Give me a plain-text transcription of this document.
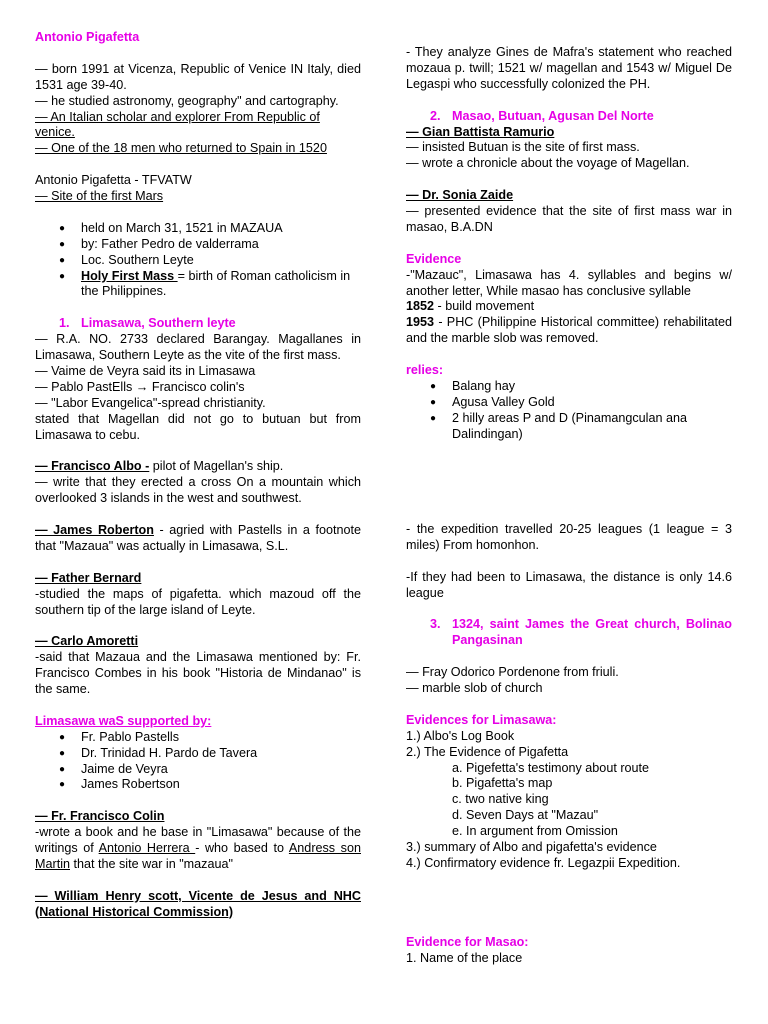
Antonio Pigafetta

— born 1991 at Vicenza, Republic of Venice IN Italy, died 1531 age 39-40.

— he studied astronomy, geography" and cartography.

— An Italian scholar and explorer From Republic of venice.

— One of the 18 men who returned to Spain in 1520

Antonio Pigafetta - TFVATW

— Site of the first Mars

● held on March 31, 1521 in MAZAUA
● by: Father Pedro de valderrama
● Loc. Southern Leyte
● Holy First Mass = birth of Roman catholicism in the Philippines.
1. Limasawa, Southern leyte

— R.A. NO. 2733 declared Barangay. Magallanes in Limasawa, Southern Leyte as the vite of the first mass.

— Vaime de Veyra said its in Limasawa

— Pablo PastElls → Francisco colin's

— "Labor Evangelica"-spread christianity.

stated that Magellan did not go to butuan but from Limasawa to cebu.

— Francisco Albo - pilot of Magellan's ship.

— write that they erected a cross On a mountain which overlooked 3 islands in the west and southwest.

— James Roberton - agried with Pastells in a footnote that "Mazaua" was actually in Limasawa, S.L.

— Father Bernard

-studied the maps of pigafetta. which mazoud off the southern tip of the large island of Leyte.

— Carlo Amoretti

-said that Mazaua and the Limasawa mentioned by: Fr. Francisco Combes in his book "Historia de Mindanao" is the same.

Limasawa waS supported by:

● Fr. Pablo Pastells
● Dr. Trinidad H. Pardo de Tavera
● Jaime de Veyra
● James Robertson

— Fr. Francisco Colin

-wrote a book and he base in "Limasawa" because of the writings of Antonio Herrera - who based to Andress son Martin that the site war in "mazaua"

— William Henry scott, Vicente de Jesus and NHC (National Historical Commission)

- They analyze Gines de Mafra's statement who reached mozaua p. twill; 1521 w/ magellan and 1543 w/ Miguel De Legaspi who successfully colonized the PH.

2. Masao, Butuan, Agusan Del Norte

— Gian Battista Ramurio

— insisted Butuan is the site of first mass.

— wrote a chronicle about the voyage of Magellan.

— Dr. Sonia Zaide

— presented evidence that the site of first mass war in masao, B.A.DN

Evidence

-"Mazauc", Limasawa has 4. syllables and begins w/ another letter, While masao has conclusive syllable

1852 - build movement

1953 - PHC (Philippine Historical committee) rehabilitated and the marble slob was removed.

relies:

● Balang hay
● Agusa Valley Gold
● 2 hilly areas P and D (Pinamangculan ana Dalindingan)

- the expedition travelled 20-25 leagues (1 league = 3 miles) From homonhon.

-If they had been to Limasawa, the distance is only 14.6 league

3. 1324, saint James the Great church, Bolinao Pangasinan

— Fray Odorico Pordenone from friuli.

— marble slob of church

Evidences for Limasawa:

1.) Albo's Log Book

2.) The Evidence of Pigafetta

a. Pigefetta's testimony about route

b. Pigafetta's map

c. two native king

d. Seven Days at "Mazau"

e. In argument from Omission

3.) summary of Albo and pigafetta's evidence

4.) Confirmatory evidence fr. Legazpii Expedition.

Evidence for Masao:

1. Name of the place
